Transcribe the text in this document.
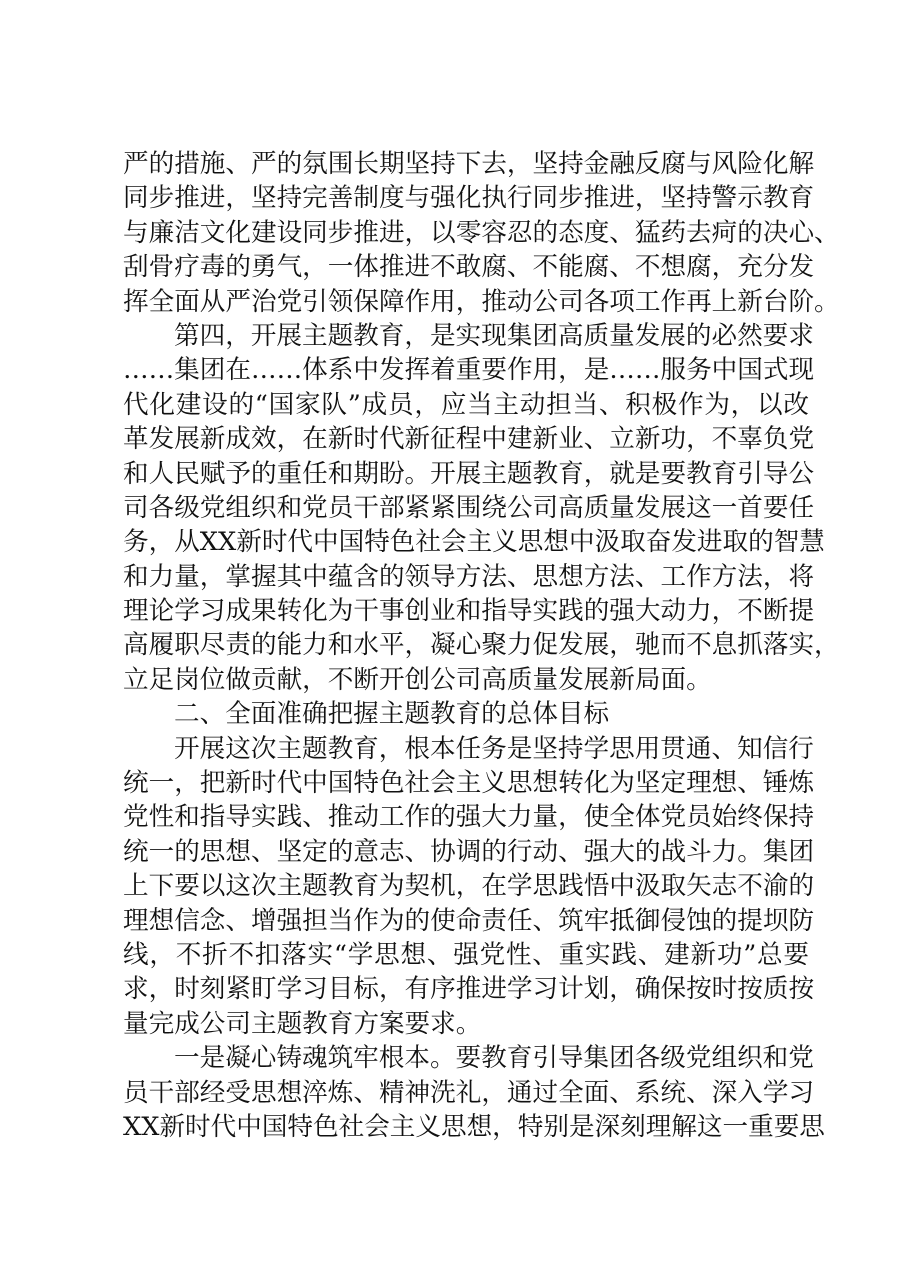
严的措施、严的氛围长期坚持下去，坚持金融反腐与风险化解
同步推进，坚持完善制度与强化执行同步推进，坚持警示教育
与廉洁文化建设同步推进，以零容忍的态度、猛药去疴的决心、
刮骨疗毒的勇气，一体推进不敢腐、不能腐、不想腐，充分发
挥全面从严治党引领保障作用，推动公司各项工作再上新台阶。
第四，开展主题教育，是实现集团高质量发展的必然要求
……集团在……体系中发挥着重要作用，是……服务中国式现
代化建设的“国家队”成员，应当主动担当、积极作为，以改
革发展新成效，在新时代新征程中建新业、立新功，不辜负党
和人民赋予的重任和期盼。开展主题教育，就是要教育引导公
司各级党组织和党员干部紧紧围绕公司高质量发展这一首要任
务，从XX新时代中国特色社会主义思想中汲取奋发进取的智慧
和力量，掌握其中蕴含的领导方法、思想方法、工作方法，将
理论学习成果转化为干事创业和指导实践的强大动力，不断提
高履职尽责的能力和水平，凝心聚力促发展，驰而不息抓落实，
立足岗位做贡献，不断开创公司高质量发展新局面。
二、全面准确把握主题教育的总体目标
开展这次主题教育，根本任务是坚持学思用贯通、知信行
统一，把新时代中国特色社会主义思想转化为坚定理想、锤炼
党性和指导实践、推动工作的强大力量，使全体党员始终保持
统一的思想、坚定的意志、协调的行动、强大的战斗力。集团
上下要以这次主题教育为契机，在学思践悟中汲取矢志不渝的
理想信念、增强担当作为的使命责任、筑牢抵御侵蚀的提坝防
线，不折不扣落实“学思想、强党性、重实践、建新功”总要
求，时刻紧盯学习目标，有序推进学习计划，确保按时按质按
量完成公司主题教育方案要求。
一是凝心铸魂筑牢根本。要教育引导集团各级党组织和党
员干部经受思想淬炼、精神洗礼，通过全面、系统、深入学习
XX新时代中国特色社会主义思想，特别是深刻理解这一重要思
